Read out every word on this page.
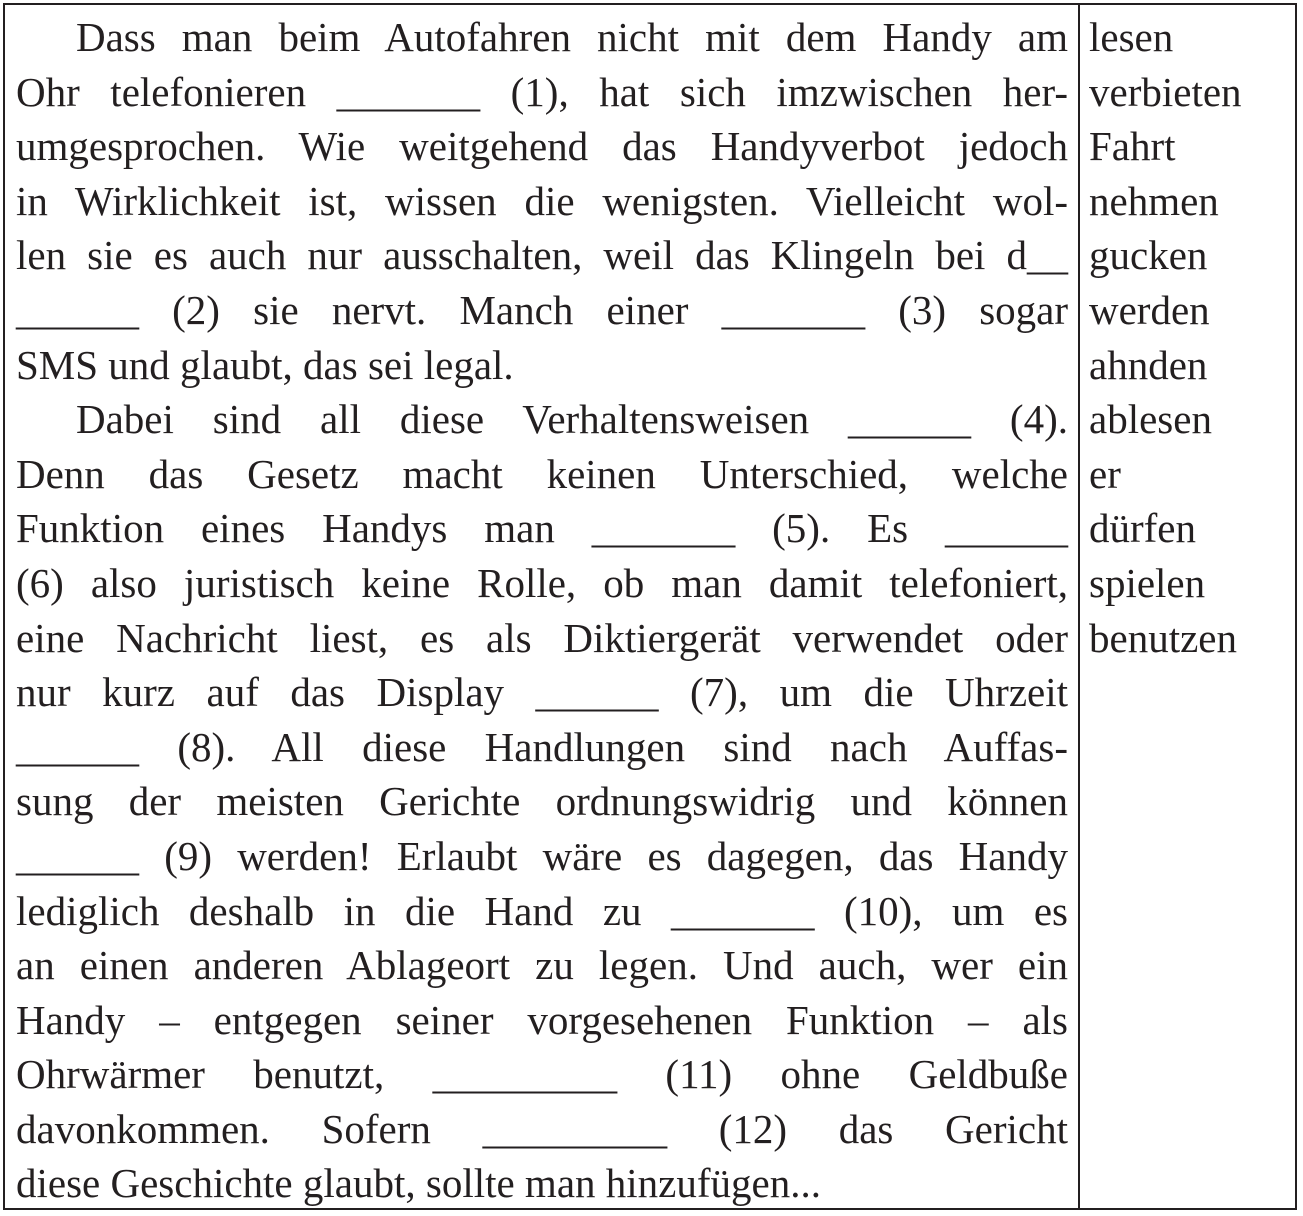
Dass man beim Autofahren nicht mit dem Handy am
Ohr telefonieren _______ (1), hat sich imzwischen her-
umgesprochen. Wie weitgehend das Handyverbot jedoch
in Wirklichkeit ist, wissen die wenigsten. Vielleicht wol-
len sie es auch nur ausschalten, weil das Klingeln bei d__
______ (2) sie nervt. Manch einer _______ (3) sogar
SMS und glaubt, das sei legal.
Dabei sind all diese Verhaltensweisen ______ (4).
Denn das Gesetz macht keinen Unterschied, welche
Funktion eines Handys man _______ (5). Es ______
(6) also juristisch keine Rolle, ob man damit telefoniert,
eine Nachricht liest, es als Diktiergerät verwendet oder
nur kurz auf das Display ______ (7), um die Uhrzeit
______ (8). All diese Handlungen sind nach Auffas-
sung der meisten Gerichte ordnungswidrig und können
______ (9) werden! Erlaubt wäre es dagegen, das Handy
lediglich deshalb in die Hand zu _______ (10), um es
an einen anderen Ablageort zu legen. Und auch, wer ein
Handy – entgegen seiner vorgesehenen Funktion – als
Ohrwärmer benutzt, _________ (11) ohne Geldbuße
davonkommen. Sofern _________ (12) das Gericht
diese Geschichte glaubt, sollte man hinzufügen...
lesen
verbieten
Fahrt
nehmen
gucken
werden
ahnden
ablesen
er
dürfen
spielen
benutzen
